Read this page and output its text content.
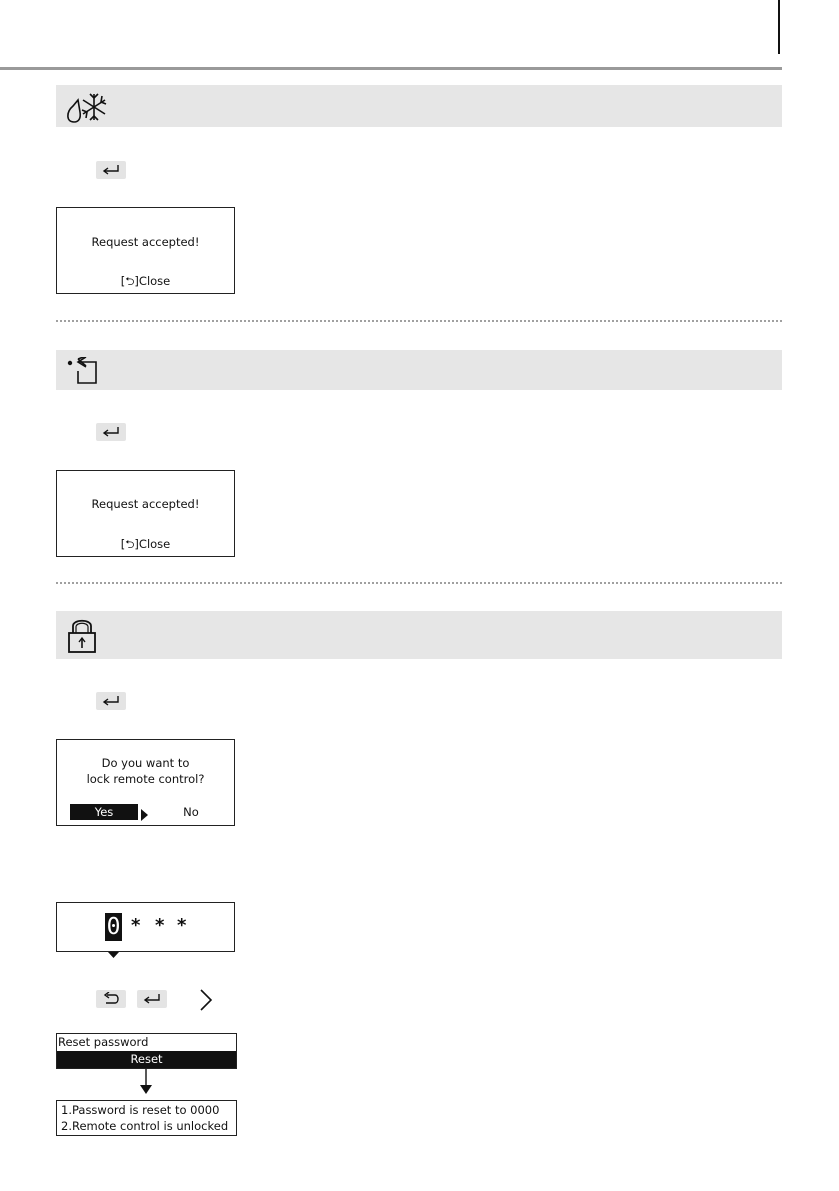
Request accepted!
[⮌]Close
Request accepted!
[⮌]Close
Do you want to
lock remote control?
Yes	No
0 * * *
Reset password
Reset
1.Password is reset to 0000
2.Remote control is unlocked
